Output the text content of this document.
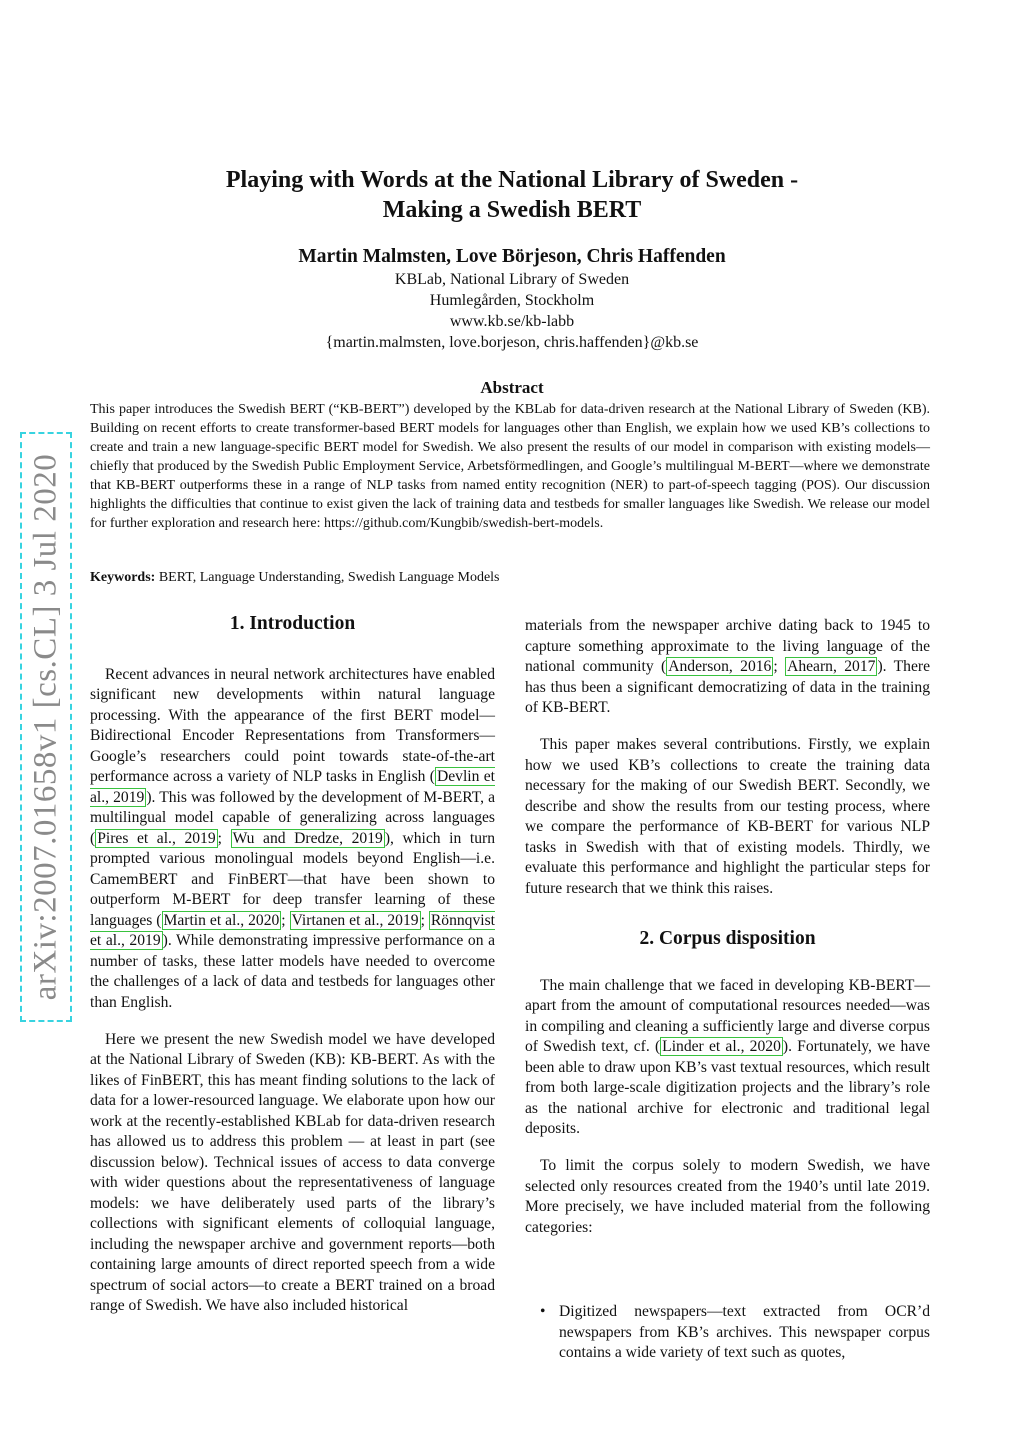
arXiv:2007.01658v1 [cs.CL] 3 Jul 2020
Playing with Words at the National Library of Sweden -
Making a Swedish BERT
Martin Malmsten, Love Börjeson, Chris Haffenden
KBLab, National Library of Sweden
Humlegården, Stockholm
www.kb.se/kb-labb
{martin.malmsten, love.borjeson, chris.haffenden}@kb.se
Abstract

This paper introduces the Swedish BERT (“KB-BERT”) developed by the KBLab for data-driven research at the National Library of Sweden (KB). Building on recent efforts to create transformer-based BERT models for languages other than English, we explain how we used KB’s collections to create and train a new language-specific BERT model for Swedish. We also present the results of our model in comparison with existing models—chiefly that produced by the Swedish Public Employment Service, Arbetsförmedlingen, and Google’s multilingual M-BERT—where we demonstrate that KB-BERT outperforms these in a range of NLP tasks from named entity recognition (NER) to part-of-speech tagging (POS). Our discussion highlights the difficulties that continue to exist given the lack of training data and testbeds for smaller languages like Swedish. We release our model for further exploration and research here: https://github.com/Kungbib/swedish-bert-models.

Keywords: BERT, Language Understanding, Swedish Language Models
1. Introduction

Recent advances in neural network architectures have enabled significant new developments within natural language processing. With the appearance of the first BERT model—Bidirectional Encoder Representations from Transformers—Google’s researchers could point towards state-of-the-art performance across a variety of NLP tasks in English ( Devlin et al., 2019 ). This was followed by the development of M-BERT, a multilingual model capable of generalizing across languages ( Pires et al., 2019 ; Wu and Dredze, 2019 ), which in turn prompted various monolingual models beyond English—i.e. CamemBERT and FinBERT—that have been shown to outperform M-BERT for deep transfer learning of these languages ( Martin et al., 2020 ; Virtanen et al., 2019 ; Rönnqvist et al., 2019 ). While demonstrating impressive performance on a number of tasks, these latter models have needed to overcome the challenges of a lack of data and testbeds for languages other than English.

Here we present the new Swedish model we have developed at the National Library of Sweden (KB): KB-BERT. As with the likes of FinBERT, this has meant finding solutions to the lack of data for a lower-resourced language. We elaborate upon how our work at the recently-established KBLab for data-driven research has allowed us to address this problem — at least in part (see discussion below). Technical issues of access to data converge with wider questions about the representativeness of language models: we have deliberately used parts of the library’s collections with significant elements of colloquial language, including the newspaper archive and government reports—both containing large amounts of direct reported speech from a wide spectrum of social actors—to create a BERT trained on a broad range of Swedish. We have also included historical

materials from the newspaper archive dating back to 1945 to capture something approximate to the living language of the national community ( Anderson, 2016 ; Ahearn, 2017 ). There has thus been a significant democratizing of data in the training of KB-BERT.

This paper makes several contributions. Firstly, we explain how we used KB’s collections to create the training data necessary for the making of our Swedish BERT. Secondly, we describe and show the results from our testing process, where we compare the performance of KB-BERT for various NLP tasks in Swedish with that of existing models. Thirdly, we evaluate this performance and highlight the particular steps for future research that we think this raises.

2. Corpus disposition

The main challenge that we faced in developing KB-BERT—apart from the amount of computational resources needed—was in compiling and cleaning a sufficiently large and diverse corpus of Swedish text, cf. ( Linder et al., 2020 ). Fortunately, we have been able to draw upon KB’s vast textual resources, which result from both large-scale digitization projects and the library’s role as the national archive for electronic and traditional legal deposits.

To limit the corpus solely to modern Swedish, we have selected only resources created from the 1940’s until late 2019. More precisely, we have included material from the following categories:

• Digitized newspapers—text extracted from OCR’d newspapers from KB’s archives. This newspaper corpus contains a wide variety of text such as quotes,
